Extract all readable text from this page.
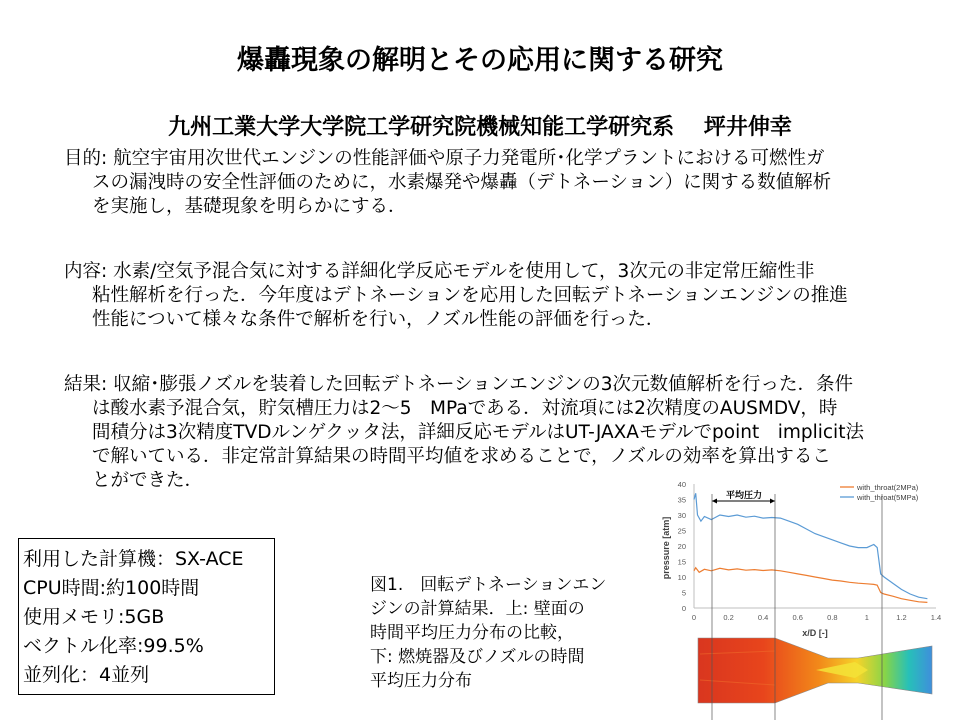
爆轟現象の解明とその応用に関する研究
九州工業大学大学院工学研究院機械知能工学研究系　 坪井伸幸
目的: 航空宇宙用次世代エンジンの性能評価や原子力発電所･化学プラントにおける可燃性ガ
スの漏洩時の安全性評価のために，水素爆発や爆轟（デトネーション）に関する数値解析
を実施し，基礎現象を明らかにする．
内容: 水素/空気予混合気に対する詳細化学反応モデルを使用して，3次元の非定常圧縮性非
粘性解析を行った．今年度はデトネーションを応用した回転デトネーションエンジンの推進
性能について様々な条件で解析を行い，ノズル性能の評価を行った．
結果: 収縮･膨張ノズルを装着した回転デトネーションエンジンの3次元数値解析を行った．条件
は酸水素予混合気，貯気槽圧力は2～5　MPaである．対流項には2次精度のAUSMDV，時
間積分は3次精度TVDルンゲクッタ法，詳細反応モデルはUT-JAXAモデルでpoint　implicit法
で解いている．非定常計算結果の時間平均値を求めることで，ノズルの効率を算出するこ
とができた．
利用した計算機：SX-ACE
CPU時間:約100時間
使用メモリ:5GB
ベクトル化率:99.5%
並列化：4並列
図1.　回転デトネーションエン
ジンの計算結果．上: 壁面の
時間平均圧力分布の比較，
下: 燃焼器及びノズルの時間
平均圧力分布
0	0.2	0.4	0.6	0.8	1	1.2	1.4
0
5
10
15
20
25
30
35
40
pressure [atm]
x/D [-]
平均圧力
with_throat(2MPa)
with_throat(5MPa)
